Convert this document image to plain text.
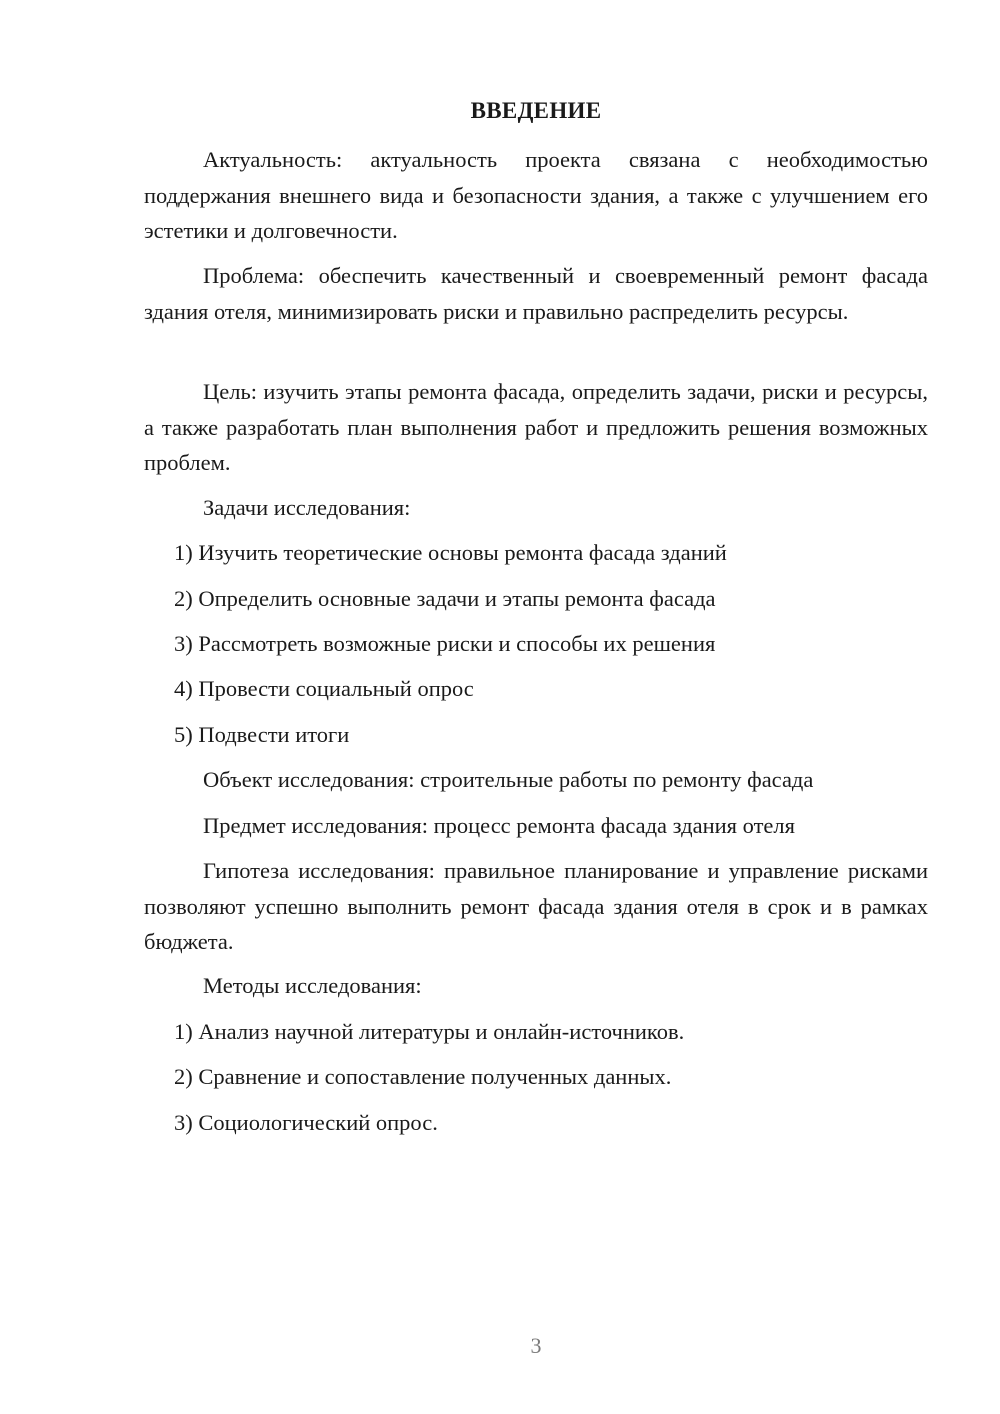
ВВЕДЕНИЕ

Актуальность: актуальность проекта связана с необходимостью поддержания внешнего вида и безопасности здания, а также с улучшением его эстетики и долговечности.

Проблема: обеспечить качественный и своевременный ремонт фасада здания отеля, минимизировать риски и правильно распределить ресурсы.

Цель: изучить этапы ремонта фасада, определить задачи, риски и ресурсы, а также разработать план выполнения работ и предложить решения возможных проблем.

Задачи исследования:

1) Изучить теоретические основы ремонта фасада зданий

2) Определить основные задачи и этапы ремонта фасада

3) Рассмотреть возможные риски и способы их решения

4) Провести социальный опрос

5) Подвести итоги

Объект исследования: строительные работы по ремонту фасада

Предмет исследования: процесс ремонта фасада здания отеля

Гипотеза исследования: правильное планирование и управление рисками позволяют успешно выполнить ремонт фасада здания отеля в срок и в рамках бюджета.

Методы исследования:

1) Анализ научной литературы и онлайн-источников.

2) Сравнение и сопоставление полученных данных.

3) Социологический опрос.

3
